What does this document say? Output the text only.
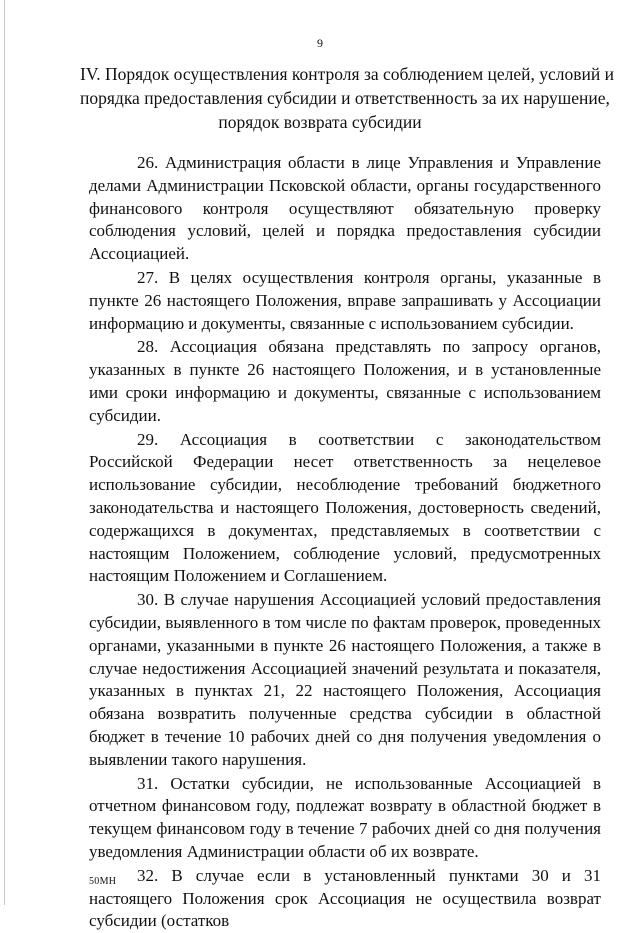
9
IV. Порядок осуществления контроля за соблюдением целей, условий и
порядка предоставления субсидии и ответственность за их нарушение,
порядок возврата субсидии

26. Администрация области в лице Управления и Управление делами Администрации Псковской области, органы государственного финансового контроля осуществляют обязательную проверку соблюдения условий, целей и порядка предоставления субсидии Ассоциацией.

27. В целях осуществления контроля органы, указанные в пункте 26 настоящего Положения, вправе запрашивать у Ассоциации информацию и документы, связанные с использованием субсидии.

28. Ассоциация обязана представлять по запросу органов, указанных в пункте 26 настоящего Положения, и в установленные ими сроки информацию и документы, связанные с использованием субсидии.

29. Ассоциация в соответствии с законодательством Российской Федерации несет ответственность за нецелевое использование субсидии, несоблюдение требований бюджетного законодательства и настоящего Положения, достоверность сведений, содержащихся в документах, представляемых в соответствии с настоящим Положением, соблюдение условий, предусмотренных настоящим Положением и Соглашением.

30. В случае нарушения Ассоциацией условий предоставления субсидии, выявленного в том числе по фактам проверок, проведенных органами, указанными в пункте 26 настоящего Положения, а также в случае недостижения Ассоциацией значений результата и показателя, указанных в пунктах 21, 22 настоящего Положения, Ассоциация обязана возвратить полученные средства субсидии в областной бюджет в течение 10 рабочих дней со дня получения уведомления о выявлении такого нарушения.

31. Остатки субсидии, не использованные Ассоциацией в отчетном финансовом году, подлежат возврату в областной бюджет в текущем финансовом году в течение 7 рабочих дней со дня получения уведомления Администрации области об их возврате.

32. В случае если в установленный пунктами 30 и 31 настоящего Положения срок Ассоциация не осуществила возврат субсидии (остатков

50МН
